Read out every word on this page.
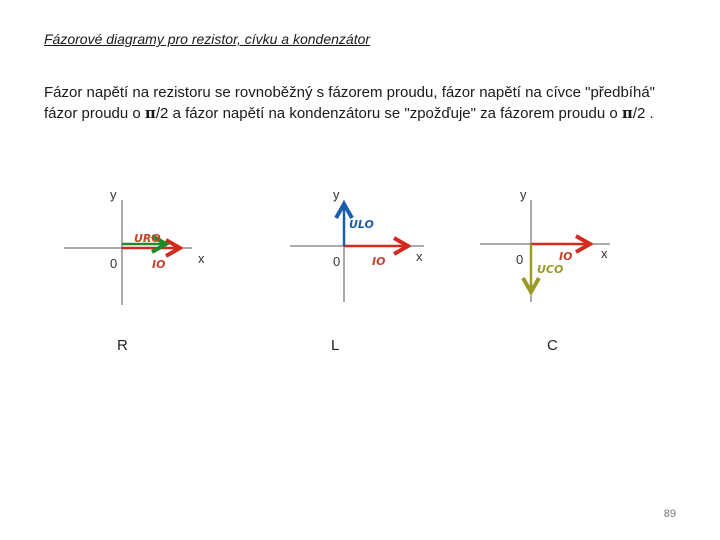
Fázorové diagramy pro rezistor, cívku a kondenzátor
Fázor napětí na rezistoru se rovnoběžný s fázorem proudu, fázor napětí na cívce "předbíhá" fázor proudu o π/2 a fázor napětí na kondenzátoru se "zpožďuje" za fázorem proudu o π/2 .
y
x
0
URO
IO
R
y
x
0
ULO
IO
L
y
x
0
UCO
IO
C
89
